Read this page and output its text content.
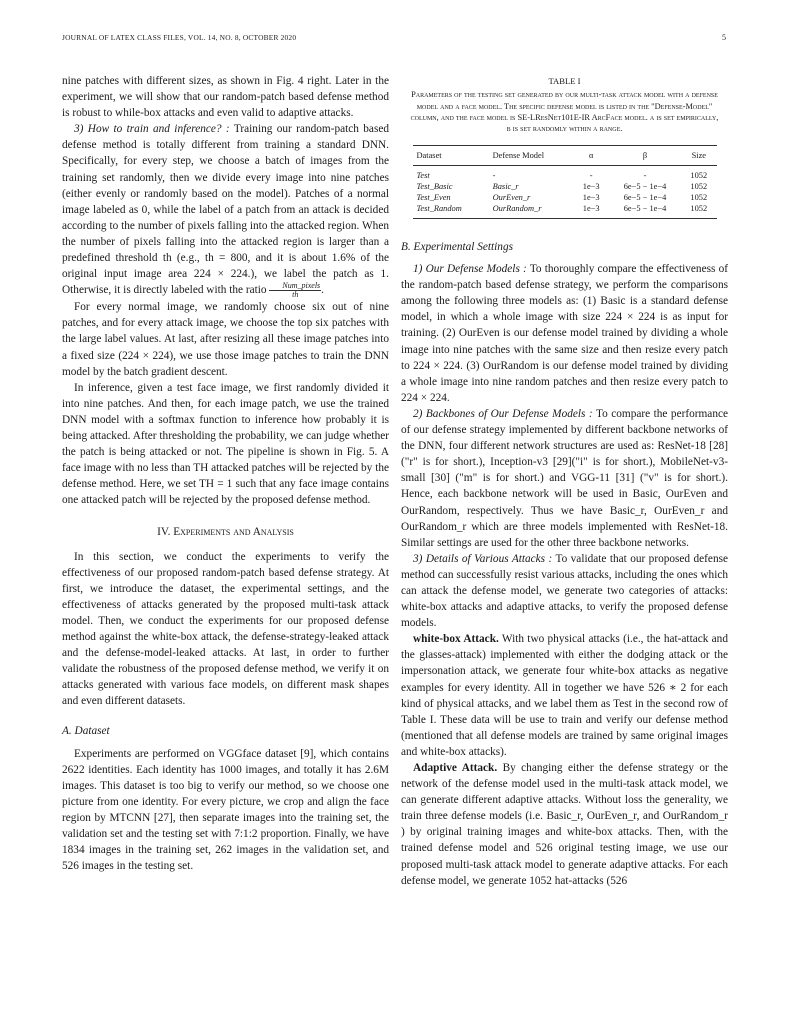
JOURNAL OF LATEX CLASS FILES, VOL. 14, NO. 8, OCTOBER 2020	5

nine patches with different sizes, as shown in Fig. 4 right. Later in the experiment, we will show that our random-patch based defense method is robust to while-box attacks and even valid to adaptive attacks.

3) How to train and inference? : Training our random-patch based defense method is totally different from training a standard DNN. Specifically, for every step, we choose a batch of images from the training set randomly, then we divide every image into nine patches (either evenly or randomly based on the model). Patches of a normal image labeled as 0, while the label of a patch from an attack is decided according to the number of pixels falling into the attacked region. When the number of pixels falling into the attacked region is larger than a predefined threshold th (e.g., th = 800, and it is about 1.6% of the original input image area 224 × 224.), we label the patch as 1. Otherwise, it is directly labeled with the ratio $\frac{\text{Num\_pixels}}{th}$.

For every normal image, we randomly choose six out of nine patches, and for every attack image, we choose the top six patches with the large label values. At last, after resizing all these image patches into a fixed size (224 × 224), we use those image patches to train the DNN model by the batch gradient descent.

In inference, given a test face image, we first randomly divided it into nine patches. And then, for each image patch, we use the trained DNN model with a softmax function to inference how probably it is being attacked. After thresholding the probability, we can judge whether the patch is being attacked or not. The pipeline is shown in Fig. 5. A face image with no less than TH attacked patches will be rejected by the defense method. Here, we set TH = 1 such that any face image contains one attacked patch will be rejected by the proposed defense method.

IV. Experiments and Analysis

In this section, we conduct the experiments to verify the effectiveness of our proposed random-patch based defense strategy. At first, we introduce the dataset, the experimental settings, and the effectiveness of attacks generated by the proposed multi-task attack model. Then, we conduct the experiments for our proposed defense method against the white-box attack, the defense-strategy-leaked attack and the defense-model-leaked attacks. At last, in order to further validate the robustness of the proposed defense method, we verify it on attacks generated with various face models, on different mask shapes and even different datasets.

A. Dataset

Experiments are performed on VGGface dataset [9], which contains 2622 identities. Each identity has 1000 images, and totally it has 2.6M images. This dataset is too big to verify our method, so we choose one picture from one identity. For every picture, we crop and align the face region by MTCNN [27], then separate images into the training set, the validation set and the testing set with 7:1:2 proportion. Finally, we have 1834 images in the training set, 262 images in the validation set, and 526 images in the testing set.

TABLE I
Parameters of the testing set generated by our multi-task attack model with a defense model and a face model. The specific defense model is listed in the "Defense-Model" column, and the face model is SE-LResNet101E-IR ArcFace model. α is set empirically, β is set randomly within a range.
Dataset	Defense Model	α	β	Size
Test	-	-	-	1052
Test_Basic	Basic_r	1e−3	6e−5 − 1e−4	1052
Test_Even	OurEven_r	1e−3	6e−5 − 1e−4	1052
Test_Random	OurRandom_r	1e−3	6e−5 − 1e−4	1052
B. Experimental Settings

1) Our Defense Models : To thoroughly compare the effectiveness of the random-patch based defense strategy, we perform the comparisons among the following three models as: (1) Basic is a standard defense model, in which a whole image with size 224 × 224 is as input for training. (2) OurEven is our defense model trained by dividing a whole image into nine patches with the same size and then resize every patch to 224 × 224. (3) OurRandom is our defense model trained by dividing a whole image into nine random patches and then resize every patch to 224 × 224.

2) Backbones of Our Defense Models : To compare the performance of our defense strategy implemented by different backbone networks of the DNN, four different network structures are used as: ResNet-18 [28] ("r" is for short.), Inception-v3 [29]("i" is for short.), MobileNet-v3-small [30] ("m" is for short.) and VGG-11 [31] ("v" is for short.). Hence, each backbone network will be used in Basic, OurEven and OurRandom, respectively. Thus we have Basic_r, OurEven_r and OurRandom_r which are three models implemented with ResNet-18. Similar settings are used for the other three backbone networks.

3) Details of Various Attacks : To validate that our proposed defense method can successfully resist various attacks, including the ones which can attack the defense model, we generate two categories of attacks: white-box attacks and adaptive attacks, to verify the proposed defense models.

white-box Attack. With two physical attacks (i.e., the hat-attack and the glasses-attack) implemented with either the dodging attack or the impersonation attack, we generate four white-box attacks as negative examples for every identity. All in together we have 526 ∗ 2 for each kind of physical attacks, and we label them as Test in the second row of Table I. These data will be use to train and verify our defense method (mentioned that all defense models are trained by same original images and white-box attacks).

Adaptive Attack. By changing either the defense strategy or the network of the defense model used in the multi-task attack model, we can generate different adaptive attacks. Without loss the generality, we train three defense models (i.e. Basic_r, OurEven_r, and OurRandom_r ) by original training images and white-box attacks. Then, with the trained defense model and 526 original testing image, we use our proposed multi-task attack model to generate adaptive attacks. For each defense model, we generate 1052 hat-attacks (526
